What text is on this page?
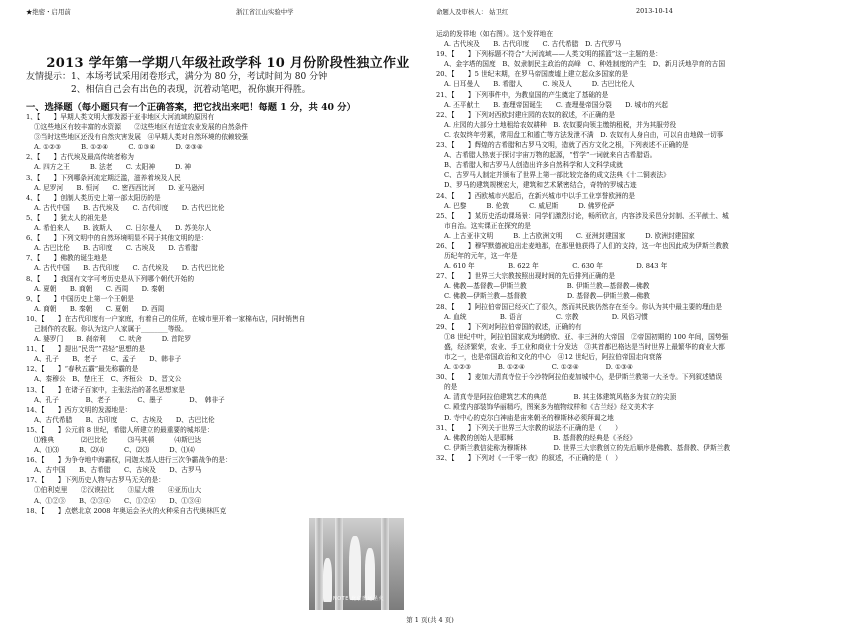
★绝密・启用前	浙江省江山实验中学	命题人及审核人： 姑卫红	2013-10-14
2013 学年第一学期八年级社政学科 10 月份阶段性独立作业
友情提示：1、本场考试采用闭卷形式，满分为 80 分，考试时间为 80 分钟
　　　　　2、相信自己会有出色的表现，沉着动笔吧，祝你旗开得胜。
一、选择题（每小题只有一个正确答案，把它找出来吧！每题 1 分，共 40 分）
1、【　　】早期人类文明大都发源于亚非地区大河流域的原因有
①这些地区有较丰富的水资源　　②这些地区有适宜农业发展的自然条件
③当时这些地区还没有自然灾害发展　④早期人类对自然环境的依赖较强
A. ①②③　　　B. ①②④　　　C. ①③④　　　D. ②③④
2、【　　】古代埃及最高传统者称为
A. 四方之王　　　B. 法老　　C. 太阳神　　　D. 神
3、【　　】下列哪条河流定期泛滥，滋养着埃及人民
A. 尼罗河　　B. 恒河　　C. 密西西比河　　D. 亚马逊河
4、【　　】创制人类历史上第一部太阳历的是
A. 古代中国　　B. 古代埃及　　C. 古代印度　　D. 古代巴比伦
5、【　　】犹太人的祖先是
A. 希伯来人　　B. 波斯人　　C. 日尔曼人　　D. 苏美尔人
6、【　　】下列文明中的自然环境明显不同于其他文明的是：
A. 古巴比伦　　B. 古印度　　C. 古埃及　　D. 古希腊
7、【　　】佛教的诞生地是
A. 古代中国　　B. 古代印度　　C. 古代埃及　　D. 古代巴比伦
8、【　　】我国有文字可考历史是从下列哪个朝代开始的
A. 夏朝　　B. 商朝　　C. 西周　　D. 秦朝
9、【　　】中国历史上第一个王朝是
A. 商朝　　B. 秦朝　　C. 夏朝　　D. 西周
10、【　　】在古代印度有一户家庭，有着自己的住所，在城市里开着一家棉布店，同时销售自
己制作的衣服。你认为这户人家属于________等级。
A. 婆罗门　　B. 刹帝利　　C. 吠舍　　　D. 首陀罗
11、【　　】提出“民贵”“君轻”思想的是
A、孔子　　B、老子　　C、孟子　　D、韩非子
12、【　　】“春秋五霸”最先称霸的是
A、秦穆公　B、楚庄王　C、齐桓公　D、晋文公
13、【　　】在诸子百家中，主张法治的著名思想家是
A、孔子　　　　B、老子　　　　C、墨子　　　　D、　韩非子
14、【　　】西方文明的发源地是：
A、古代希腊　　B、古印度　　C、古埃及　　D、古巴比伦
15、【　　】公元前 8 世纪，希腊人所建立的最重要的城邦是：
⑴雅典　　　　⑵巴比伦　　　⑶马其顿　　　⑷斯巴达
A、⑴⑶　　　B、⑵⑷　　　C、⑵⑶　　　D、⑴⑷
16、【　　】为争夺地中海霸权，同迦太基人进行三次争霸战争的是：
A、古中国　　B、古希腊　　C、古埃及　　D、古罗马
17、【　　】下列历史人物与古罗马无关的是：
①伯利克里　　②汉谟拉比　　③屋大维　　④亚历山大
A、①②③　　B、②③④　　C、①②④　　D、①③④
18、【　　】点燃北京 2008 年奥运会圣火的火种采自古代奥林匹克
运动的发祥地（如右图）。这个发祥地在
A. 古代埃及　　B. 古代印度　　C. 古代希腊　D. 古代罗马
19、【　　】下列标题不符合“大河流域——人类文明的摇篮”这一主题的是：
A、金字塔的国度　B、奴隶制民主政治的高峰　C、种姓制度的产生　D、新月沃地孕育的古国
20、【　　】5 世纪末期，在罗马帝国废墟上建立起众多国家的是
A. 日耳曼人　　B. 希腊人　　　C. 埃及人　　　D. 古巴比伦人
21、【　　】下列事件中，为教皇国的产生奠定了基础的是
A. 丕平献土　　B. 查理帝国诞生　　C. 查理曼帝国分裂　　D. 城市的兴起
22、【　　】下列对西欧封建庄园的农奴的叙述，不正确的是
A. 庄园的大部分土地租给农奴耕种　B. 农奴要向领主缴纳租税，并为其服劳役
C. 农奴终年劳累，常用盘工和遁亡等方法发泄不满　D. 农奴有人身自由，可以自由地做一切事
23、【　　】辉煌的古希腊和古罗马文明，造就了西方文化之根，下列表述不正确的是
A、古希腊人热衷于探讨宇宙万物的起源，“哲学”一词就来自古希腊语。
B、古希腊人和古罗马人创造出许多自然科学和人文科学成就
C、古罗马人制定并颁布了世界上第一部比较完备的成文法典《十二铜表法》
D、罗马的建筑规模宏大，建筑和艺术紧密结合，奇特的罗城古迹
24、【　　】西欧城市兴起后，在新兴城市中以手工业享誉欧洲的是
A. 巴黎　　　B. 伦敦　　　C. 威尼斯　　　D. 佛罗伦萨
25、【　　】某历史活动课场景：同学们激烈讨论，畅所欣言，内容涉及采邑分封制、丕平献土、城
市自治。这实课正在探究的是
A. 上古亚非文明　　　B. 上古欧洲文明　　C. 亚洲封建国家　　　D. 欧洲封建国家
26、【　　】穆罕默德被迫出走麦地那，在那里他获得了人们的支持，这一年也因此成为伊斯兰教教
历纪年的元年，这一年是
A. 610 年　　　　　B. 622 年　　　　　C. 630 年　　　　　D. 843 年
27、【　　】世界三大宗教按照出现时间的先后排列正确的是
A. 佛教—基督教—伊斯兰教　　　　　　B. 伊斯兰教—基督教—佛教
C. 佛教—伊斯兰教—基督教　　　　　　D. 基督教—伊斯兰教—佛教
28、【　　】阿拉伯帝国已经灭亡了很久，然而其民族仍然存在至今。你认为其中最主要的理由是
A. 血统　　　　　B. 语言　　　　　C. 宗教　　　　　D. 风俗习惯
29、【　　】下列对阿拉伯帝国的叙述，正确的有
①8 世纪中叶，阿拉伯国家成为地跨欧、亚、非三洲的大帝国　②帝国初期的 100 年间，国势强
盛，经济繁荣，农业、手工业和商业十分发达　③其首都巴格达是当时世界上最繁华的商业大都
市之一，也是帝国政治和文化的中心　④12 世纪后，阿拉伯帝国走向衰落
A. ①②③　　　　B. ①②④　　　　C. ①②④　　　　D. ①③④
30、【　　】麦加大清真寺位于今沙特阿拉伯麦加城中心，是伊斯兰教第一大圣寺。下列叙述错误
的是
A. 清真寺是阿拉伯建筑艺术的典范　　　　B. 其主体建筑风格多为贫立的尖顶
C. 殿堂内部装饰华丽精巧，图案多为植物纹样和《古兰经》经文美术字
D. 寺中心的克尔白神庙是宙来朝圣的穆斯林必须拜谒之地
31、【　　】下列关于世界三大宗教的说法不正确的是（　　）
A. 佛教的创始人是耶稣　　　　　　B. 基督教的经典是《圣经》
C. 伊斯兰教信徒称为穆斯林　　　　D. 世界三大宗教创立的先后顺序是佛教、基督教、伊斯兰教
32、【　　】下列对《一千零一夜》的叙述，不正确的是（　）
NOTE 北京奥运圣火
第 1 页(共 4 页)
